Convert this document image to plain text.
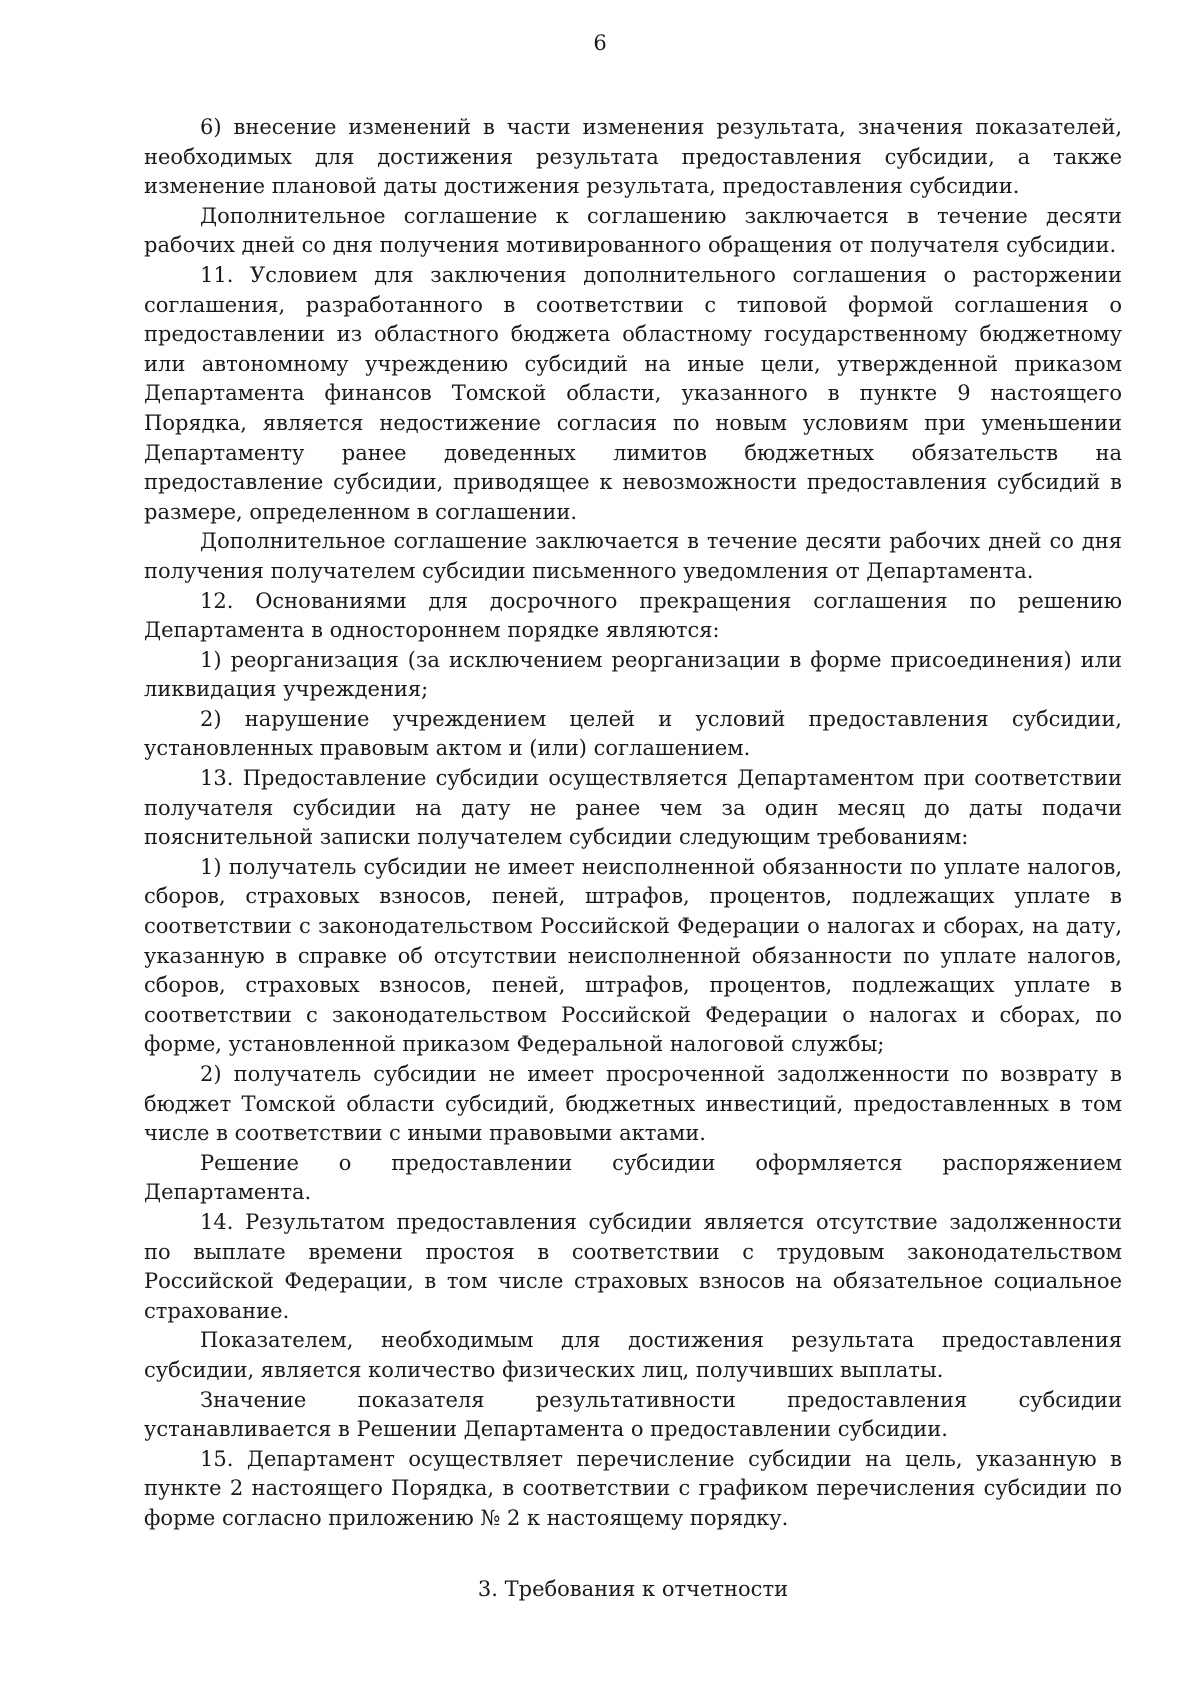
6

6) внесение изменений в части изменения результата, значения показателей, необходимых для достижения результата предоставления субсидии, а также изменение плановой даты достижения результата, предоставления субсидии.

Дополнительное соглашение к соглашению заключается в течение десяти рабочих дней со дня получения мотивированного обращения от получателя субсидии.

11. Условием для заключения дополнительного соглашения о расторжении соглашения, разработанного в соответствии с типовой формой соглашения о предоставлении из областного бюджета областному государственному бюджетному или автономному учреждению субсидий на иные цели, утвержденной приказом Департамента финансов Томской области, указанного в пункте 9 настоящего Порядка, является недостижение согласия по новым условиям при уменьшении Департаменту ранее доведенных лимитов бюджетных обязательств на предоставление субсидии, приводящее к невозможности предоставления субсидий в размере, определенном в соглашении.

Дополнительное соглашение заключается в течение десяти рабочих дней со дня получения получателем субсидии письменного уведомления от Департамента.

12. Основаниями для досрочного прекращения соглашения по решению Департамента в одностороннем порядке являются:

1) реорганизация (за исключением реорганизации в форме присоединения) или ликвидация учреждения;

2) нарушение учреждением целей и условий предоставления субсидии, установленных правовым актом и (или) соглашением.

13. Предоставление субсидии осуществляется Департаментом при соответствии получателя субсидии на дату не ранее чем за один месяц до даты подачи пояснительной записки получателем субсидии следующим требованиям:

1) получатель субсидии не имеет неисполненной обязанности по уплате налогов, сборов, страховых взносов, пеней, штрафов, процентов, подлежащих уплате в соответствии с законодательством Российской Федерации о налогах и сборах, на дату, указанную в справке об отсутствии неисполненной обязанности по уплате налогов, сборов, страховых взносов, пеней, штрафов, процентов, подлежащих уплате в соответствии с законодательством Российской Федерации о налогах и сборах, по форме, установленной приказом Федеральной налоговой службы;

2) получатель субсидии не имеет просроченной задолженности по возврату в бюджет Томской области субсидий, бюджетных инвестиций, предоставленных в том числе в соответствии с иными правовыми актами.

Решение о предоставлении субсидии оформляется распоряжением Департамента.

14. Результатом предоставления субсидии является отсутствие задолженности по выплате времени простоя в соответствии с трудовым законодательством Российской Федерации, в том числе страховых взносов на обязательное социальное страхование.

Показателем, необходимым для достижения результата предоставления субсидии, является количество физических лиц, получивших выплаты.

Значение показателя результативности предоставления субсидии устанавливается в Решении Департамента о предоставлении субсидии.

15. Департамент осуществляет перечисление субсидии на цель, указанную в пункте 2 настоящего Порядка, в соответствии с графиком перечисления субсидии по форме согласно приложению № 2 к настоящему порядку.

3. Требования к отчетности
